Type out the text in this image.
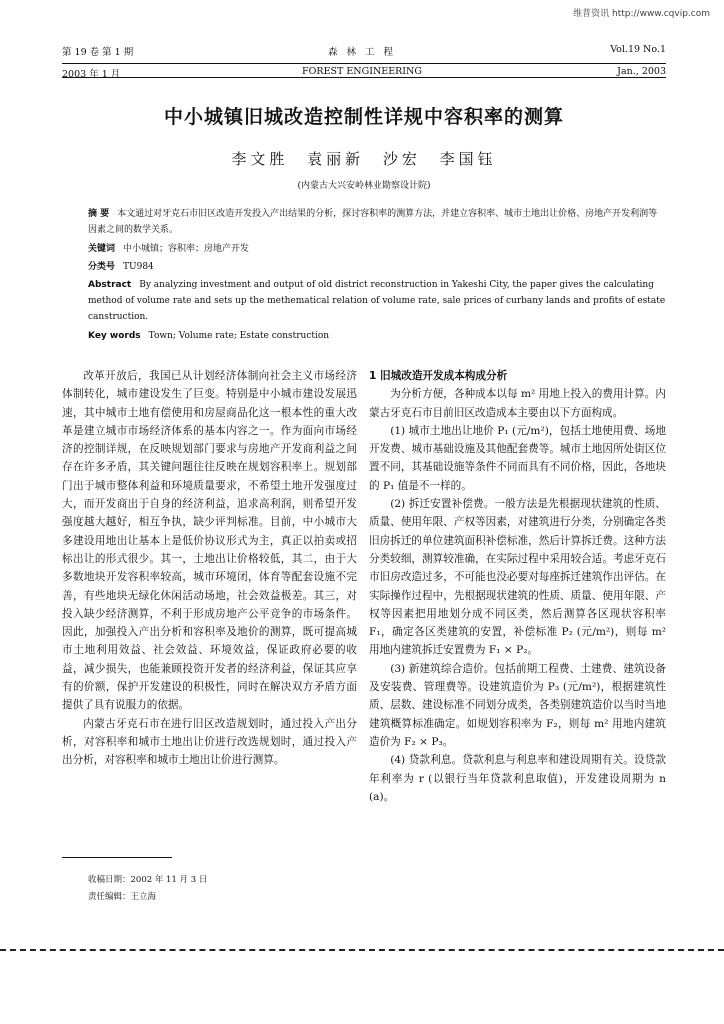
维普资讯 http://www.cqvip.com
第 19 卷 第 1 期
2003 年 1 月
森 林 工 程
FOREST ENGINEERING
Vol.19 No.1
Jan., 2003
中小城镇旧城改造控制性详规中容积率的测算
李文胜 袁丽新 沙宏 李国钰
(内蒙古大兴安岭林业勘察设计院)
摘 要 本文通过对牙克石市旧区改造开发投入产出结果的分析，探讨容积率的测算方法，并建立容积率、城市土地出让价格、房地产开发利润等因素之间的数学关系。
关键词 中小城镇；容积率；房地产开发
分类号 TU984
Abstract By analyzing investment and output of old district reconstruction in Yakeshi City, the paper gives the calculating method of volume rate and sets up the methematical relation of volume rate, sale prices of curbany lands and profits of estate canstruction.
Key words Town; Volume rate; Estate construction

改革开放后，我国已从计划经济体制向社会主义市场经济体制转化，城市建设发生了巨变。特别是中小城市建设发展迅速，其中城市土地有偿使用和房屋商品化这一根本性的重大改革是建立城市市场经济体系的基本内容之一。作为面向市场经济的控制详规，在反映规划部门要求与房地产开发商利益之间存在许多矛盾，其关键问题往往反映在规划容积率上。规划部门出于城市整体利益和环境质量要求，不希望土地开发强度过大，而开发商出于自身的经济利益，追求高利润，则希望开发强度越大越好，相互争执，缺少评判标准。目前，中小城市大多建设用地出让基本上是低价协议形式为主，真正以拍卖或招标出让的形式很少。其一，土地出让价格较低，其二，由于大多数地块开发容积率较高，城市环境闭，体育等配套设施不完善，有些地块无绿化休闲活动场地，社会效益极差。其三，对投入缺少经济测算，不利于形成房地产公平竞争的市场条件。因此，加强投入产出分析和容积率及地价的测算，既可提高城市土地利用效益、社会效益、环境效益，保证政府必要的收益，减少损失，也能兼顾投资开发者的经济利益，保证其应享有的价额，保护开发建设的积极性，同时在解决双方矛盾方面提供了具有说服力的依据。

内蒙古牙克石市在进行旧区改造规划时，通过投入产出分析，对容积率和城市土地出让价进行改选规划时，通过投入产出分析，对容积率和城市土地出让价进行测算。

收稿日期：2002 年 11 月 3 日
责任编辑：王立海

1 旧城改造开发成本构成分析

为分析方便，各种成本以每 m² 用地上投入的费用计算。内蒙古牙克石市目前旧区改造成本主要由以下方面构成。

(1) 城市土地出让地价 P₁ (元/m²)，包括土地使用费、场地开发费、城市基础设施及其他配套费等。城市土地因所处街区位置不同，其基础设施等条件不同而具有不同价格，因此，各地块的 P₁ 值是不一样的。

(2) 拆迁安置补偿费。一般方法是先根据现状建筑的性质、质量、使用年限、产权等因素，对建筑进行分类，分别确定各类旧房拆迁的单位建筑面积补偿标准，然后计算拆迁费。这种方法分类较细，测算较准确，在实际过程中采用较合适。考虑牙克石市旧房改造过多，不可能也没必要对每座拆迁建筑作出评估。在实际操作过程中，先根据现状建筑的性质、质量、使用年限、产权等因素把用地划分成不同区类，然后测算各区现状容积率 F₁，确定各区类建筑的安置，补偿标准 P₂ (元/m²)，则每 m² 用地内建筑拆迁安置费为 F₁ × P₂。

(3) 新建筑综合造价。包括前期工程费、土建费、建筑设备及安装费、管理费等。设建筑造价为 P₃ (元/m²)，根据建筑性质、层数、建设标准不同划分成类，各类别建筑造价以当时当地建筑概算标准确定。如规划容积率为 F₂，则每 m² 用地内建筑造价为 F₂ × P₃。

(4) 贷款利息。贷款利息与利息率和建设周期有关。设贷款年利率为 r (以银行当年贷款利息取值)，开发建设周期为 n (a)。
